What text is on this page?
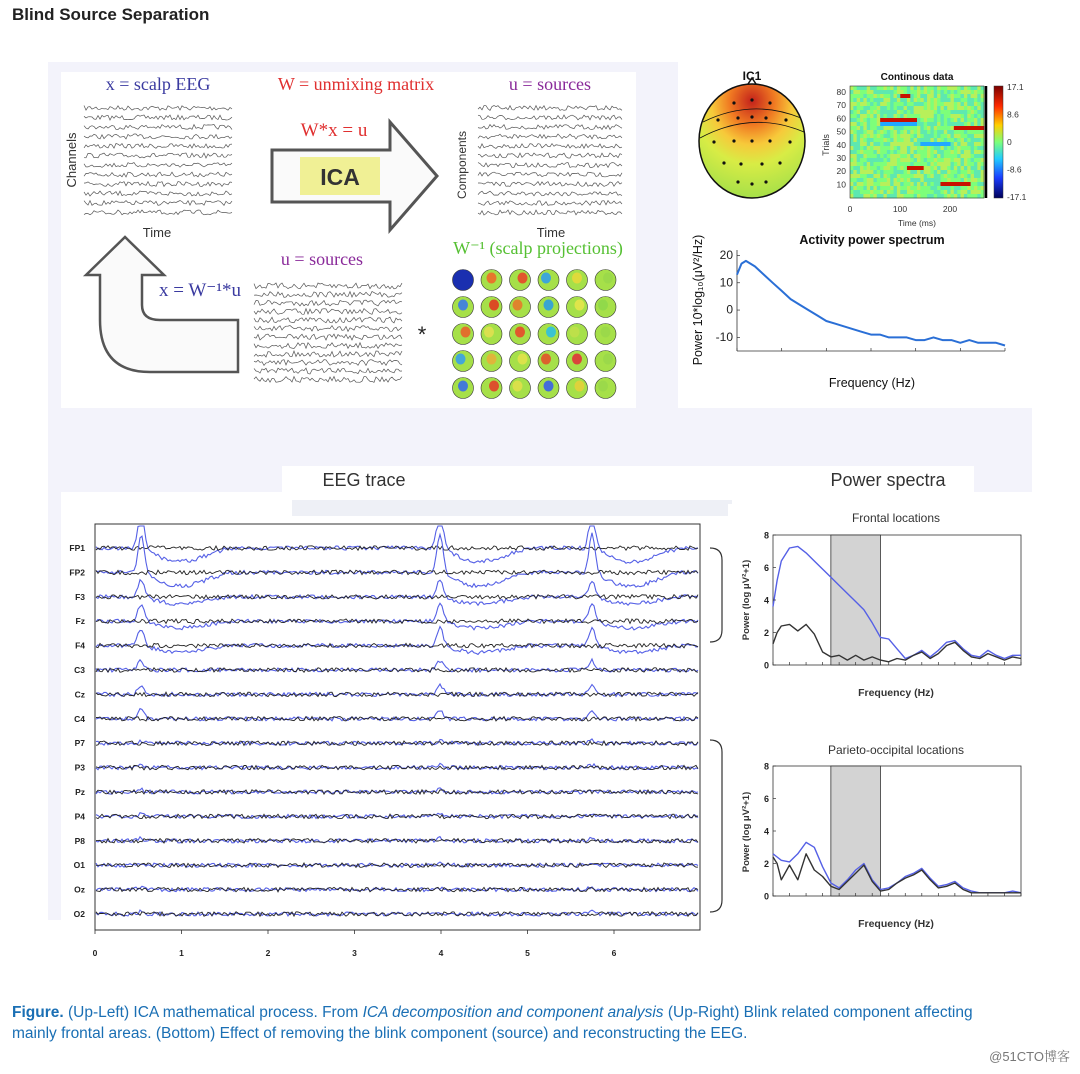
Blind Source Separation
x = scalp EEG	W = unmixing matrix	u = sources
Channels
Time
W*x = u
ICA	Components
Time
u = sources
x = W⁻¹*u
*
W⁻¹ (scalp projections)
IC1	Continous data
Trials
80
70
60
50
40
30
20
10
17.1
8.6
0
-8.6
-17.1
0	100	200
Time (ms)
Activity power spectrum
20
10
0
-10
Power 10*log₁₀(μV²/Hz)
Frequency (Hz)
EEG trace	Power spectra
FP1
FP2
F3
Fz
F4
C3
Cz
C4
P7
P3
Pz
P4
P8
O1
Oz
O2
0	1	2	3	4	5	6
Frontal locations
Parieto-occipital locations
8
6
4
2
0
8
6
4
2
0
Power (log μV²+1)
Power (log μV²+1)
Frequency (Hz)
Frequency (Hz)
Figure. (Up-Left) ICA mathematical process. From ICA decomposition and component analysis (Up-Right) Blink related component affecting mainly frontal areas. (Bottom) Effect of removing the blink component (source) and reconstructing the EEG.
@51CTO博客
